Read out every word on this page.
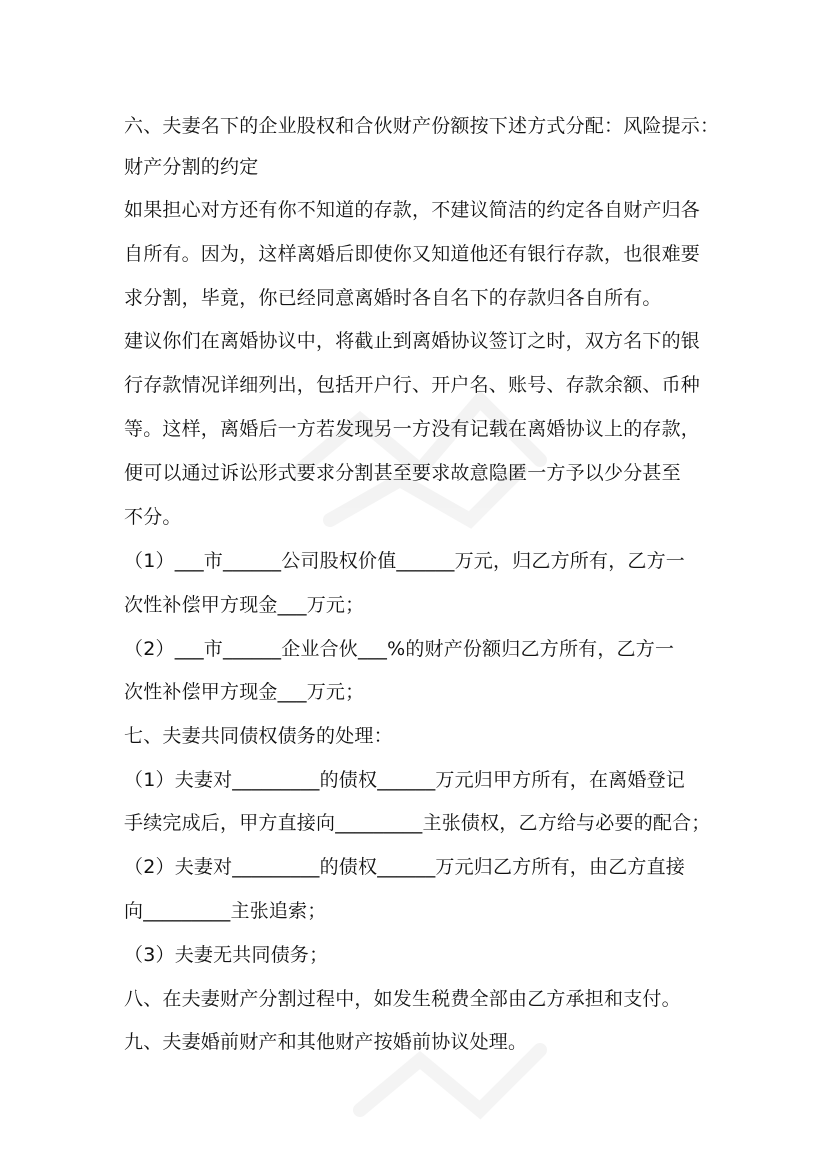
六、夫妻名下的企业股权和合伙财产份额按下述方式分配：风险提示：
财产分割的约定
如果担心对方还有你不知道的存款，不建议简洁的约定各自财产归各
自所有。因为，这样离婚后即使你又知道他还有银行存款，也很难要
求分割，毕竟，你已经同意离婚时各自名下的存款归各自所有。
建议你们在离婚协议中，将截止到离婚协议签订之时，双方名下的银
行存款情况详细列出，包括开户行、开户名、账号、存款余额、币种
等。这样，离婚后一方若发现另一方没有记载在离婚协议上的存款，
便可以通过诉讼形式要求分割甚至要求故意隐匿一方予以少分甚至
不分。
（1）___市______公司股权价值______万元，归乙方所有，乙方一
次性补偿甲方现金___万元；
（2）___市______企业合伙___%的财产份额归乙方所有，乙方一
次性补偿甲方现金___万元；
七、夫妻共同债权债务的处理：
（1）夫妻对_________的债权______万元归甲方所有，在离婚登记
手续完成后，甲方直接向_________主张债权，乙方给与必要的配合；
（2）夫妻对_________的债权______万元归乙方所有，由乙方直接
向_________主张追索；
（3）夫妻无共同债务；
八、在夫妻财产分割过程中，如发生税费全部由乙方承担和支付。
九、夫妻婚前财产和其他财产按婚前协议处理。
